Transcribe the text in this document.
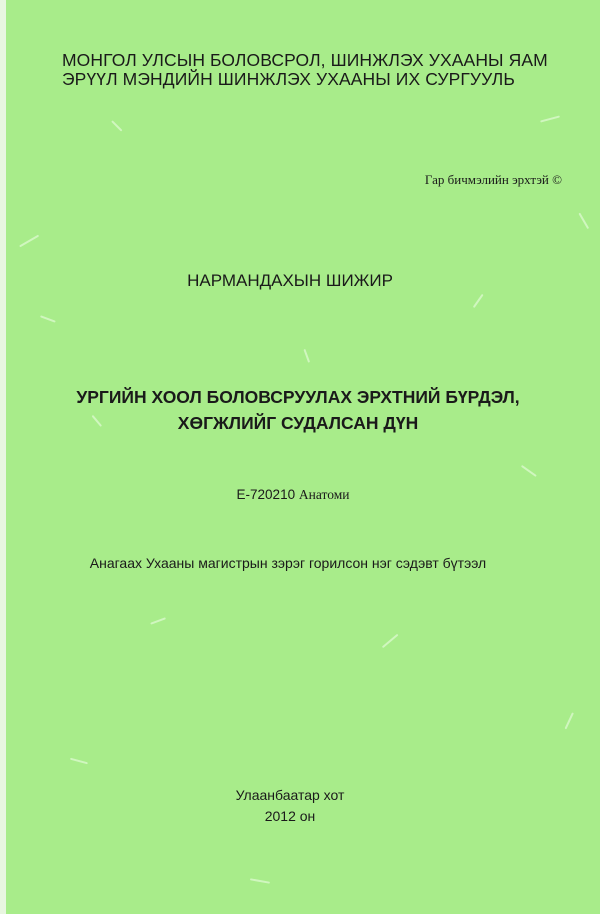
МОНГОЛ УЛСЫН БОЛОВСРОЛ, ШИНЖЛЭХ УХААНЫ ЯАМ
ЭРҮҮЛ МЭНДИЙН ШИНЖЛЭХ УХААНЫ ИХ СУРГУУЛЬ
Гар бичмэлийн эрхтэй ©
НАРМАНДАХЫН ШИЖИР
УРГИЙН ХООЛ БОЛОВСРУУЛАХ ЭРХТНИЙ БҮРДЭЛ,
ХӨГЖЛИЙГ СУДАЛСАН ДҮН
Е-720210 Анатоми
Анагаах Ухааны магистрын зэрэг горилсон нэг сэдэвт бүтээл
Улаанбаатар хот
2012 он
